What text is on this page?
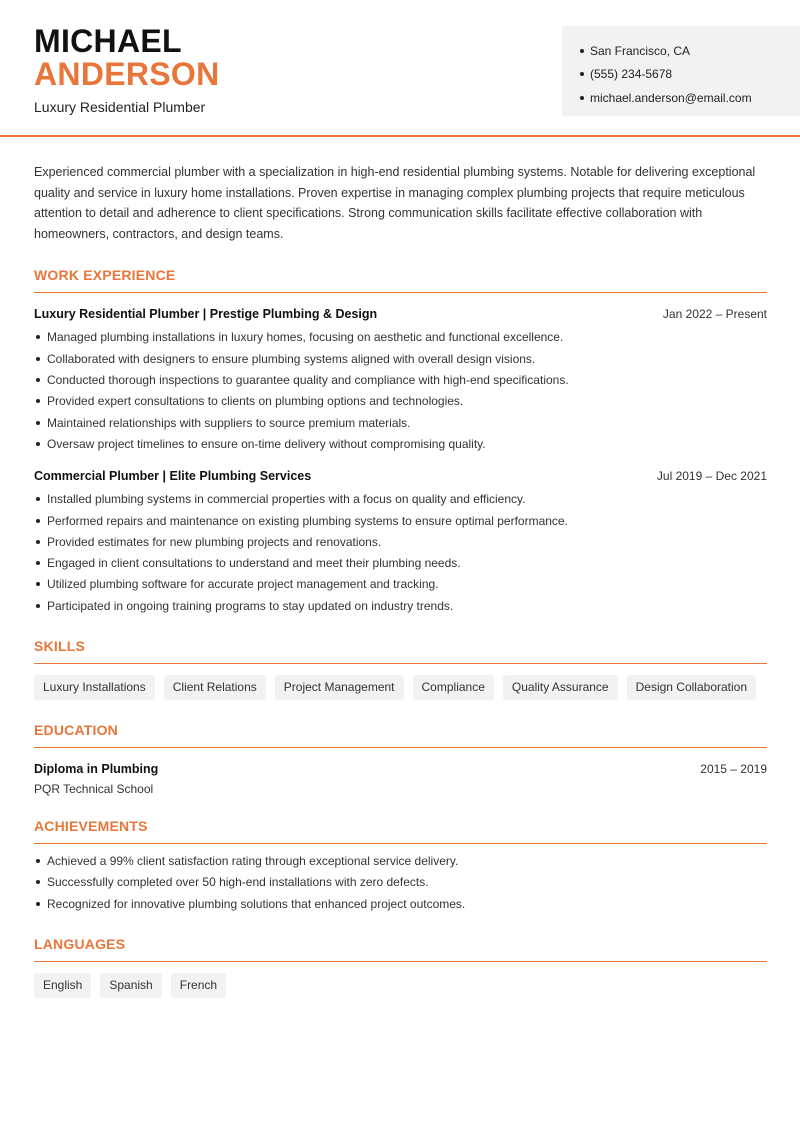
MICHAEL
ANDERSON
Luxury Residential Plumber
San Francisco, CA
(555) 234-5678
michael.anderson@email.com

Experienced commercial plumber with a specialization in high-end residential plumbing systems. Notable for delivering exceptional quality and service in luxury home installations. Proven expertise in managing complex plumbing projects that require meticulous attention to detail and adherence to client specifications. Strong communication skills facilitate effective collaboration with homeowners, contractors, and design teams.

WORK EXPERIENCE
Luxury Residential Plumber | Prestige Plumbing & Design	Jan 2022 – Present
Managed plumbing installations in luxury homes, focusing on aesthetic and functional excellence.
Collaborated with designers to ensure plumbing systems aligned with overall design visions.
Conducted thorough inspections to guarantee quality and compliance with high-end specifications.
Provided expert consultations to clients on plumbing options and technologies.
Maintained relationships with suppliers to source premium materials.
Oversaw project timelines to ensure on-time delivery without compromising quality.
Commercial Plumber | Elite Plumbing Services	Jul 2019 – Dec 2021
Installed plumbing systems in commercial properties with a focus on quality and efficiency.
Performed repairs and maintenance on existing plumbing systems to ensure optimal performance.
Provided estimates for new plumbing projects and renovations.
Engaged in client consultations to understand and meet their plumbing needs.
Utilized plumbing software for accurate project management and tracking.
Participated in ongoing training programs to stay updated on industry trends.
SKILLS
Luxury Installations	Client Relations	Project Management	Compliance	Quality Assurance	Design Collaboration
EDUCATION
Diploma in Plumbing	2015 – 2019
PQR Technical School
ACHIEVEMENTS
Achieved a 99% client satisfaction rating through exceptional service delivery.
Successfully completed over 50 high-end installations with zero defects.
Recognized for innovative plumbing solutions that enhanced project outcomes.
LANGUAGES
English	Spanish	French
